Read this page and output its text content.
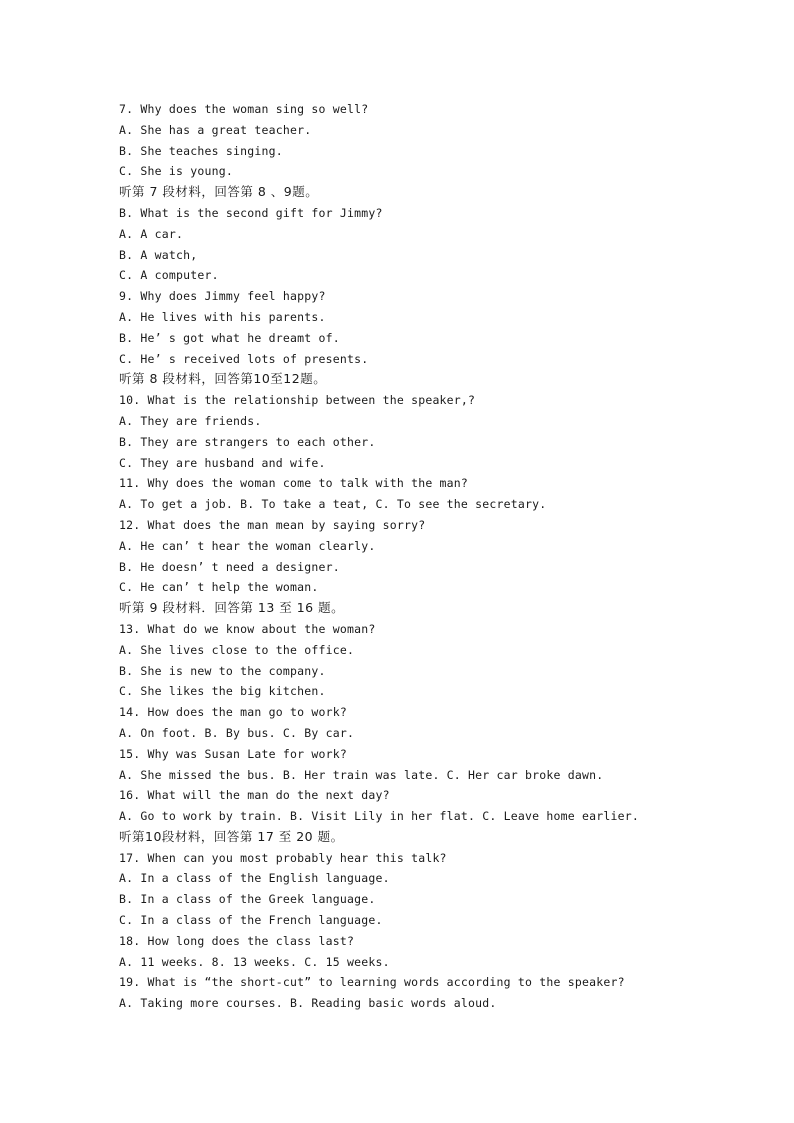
7. Why does the woman sing so well?
A. She has a great teacher.
B. She teaches singing.
C. She is young.
听第 7 段材料，回答第 8 、9题。
B. What is the second gift for Jimmy?
A. A car.
B. A watch,
C. A computer.
9. Why does Jimmy feel happy?
A. He lives with his parents.
B. He’ s got what he dreamt of.
C. He’ s received lots of presents.
听第 8 段材料，回答第10至12题。
10. What is the relationship between the speaker,?
A. They are friends.
B. They are strangers to each other.
C. They are husband and wife.
11. Why does the woman come to talk with the man?
A. To get a job. B. To take a teat, C. To see the secretary.
12. What does the man mean by saying sorry?
A. He can’ t hear the woman clearly.
B. He doesn’ t need a designer.
C. He can’ t help the woman.
听第 9 段材料．回答第 13 至 16 题。
13. What do we know about the woman?
A. She lives close to the office.
B. She is new to the company.
C. She likes the big kitchen.
14. How does the man go to work?
A. On foot. B. By bus. C. By car.
15. Why was Susan Late for work?
A. She missed the bus. B. Her train was late. C. Her car broke dawn.
16. What will the man do the next day?
A. Go to work by train. B. Visit Lily in her flat. C. Leave home earlier.
听第10段材料，回答第 17 至 20 题。
17. When can you most probably hear this talk?
A. In a class of the English language.
B. In a class of the Greek language.
C. In a class of the French language.
18. How long does the class last?
A. 11 weeks. 8. 13 weeks. C. 15 weeks.
19. What is “the short-cut” to learning words according to the speaker?
A. Taking more courses. B. Reading basic words aloud.
